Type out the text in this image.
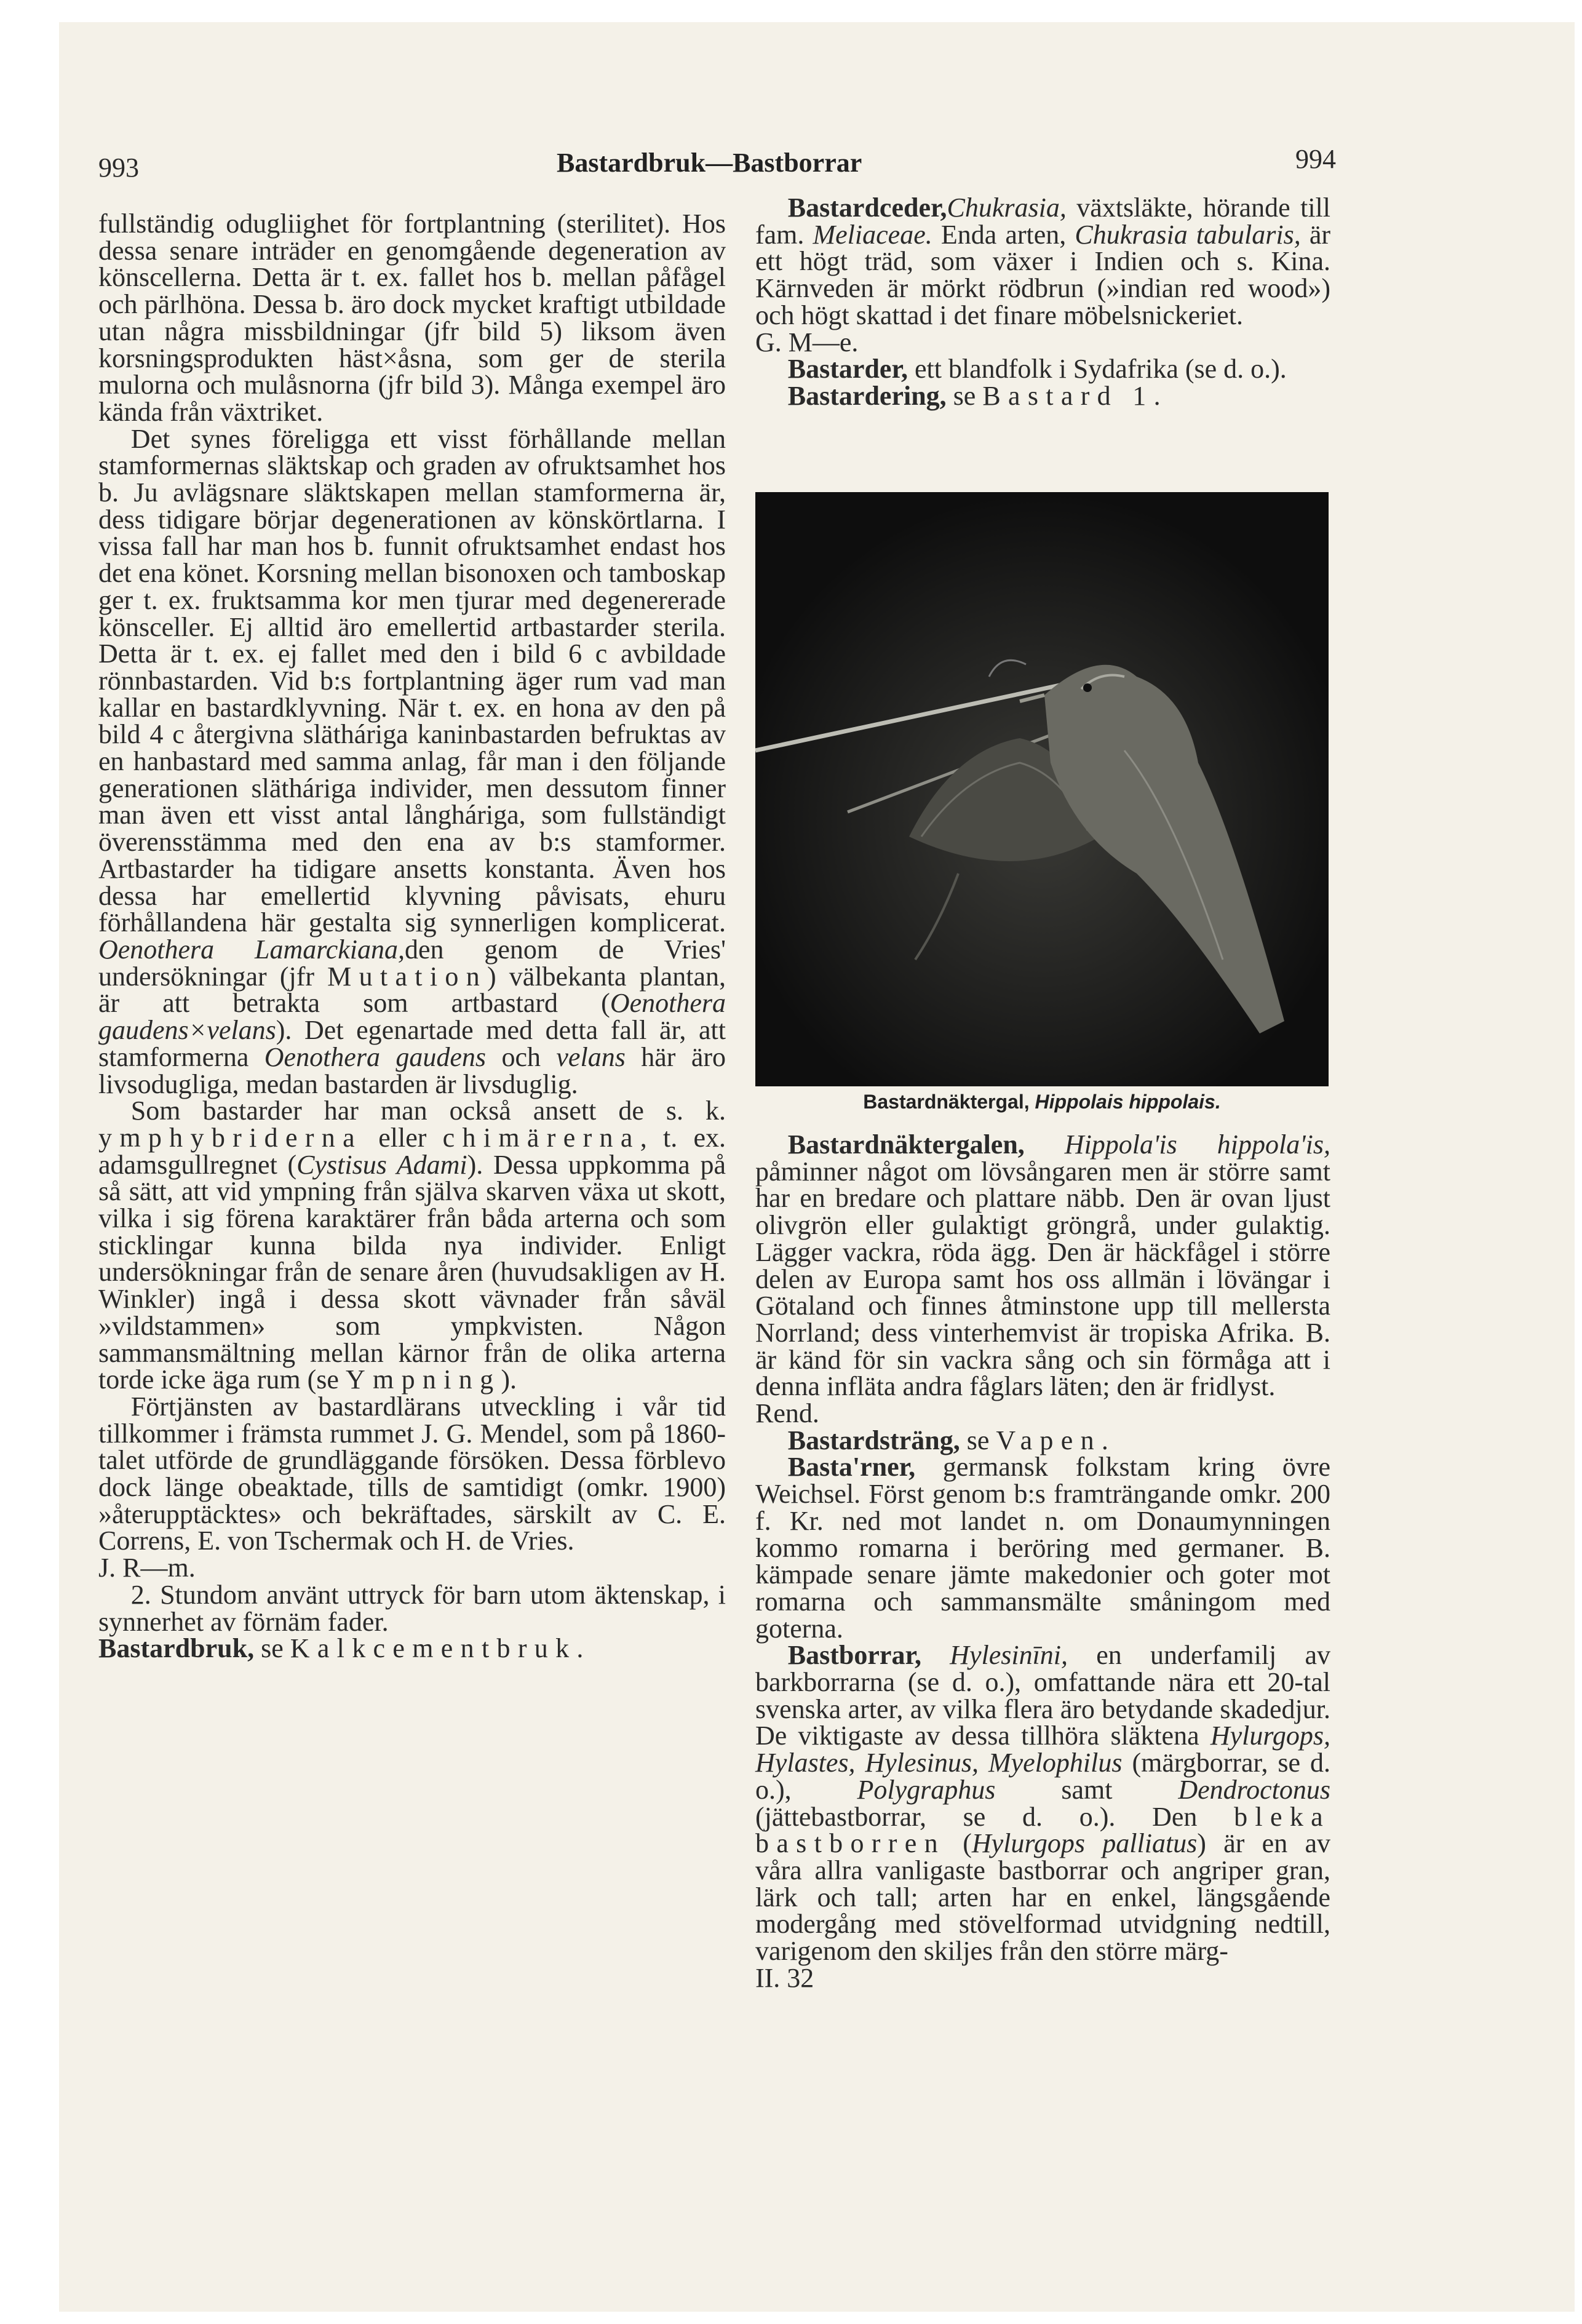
993	Bastardbruk—Bastborrar	994

fullständig odugliighet för fortplantning (sterilitet). Hos dessa senare inträder en genomgående degeneration av könscellerna. Detta är t. ex. fallet hos b. mellan påfågel och pärlhöna. Dessa b. äro dock mycket kraftigt utbildade utan några missbildningar (jfr bild 5) liksom även korsningsprodukten häst×åsna, som ger de sterila mulorna och mulåsnorna (jfr bild 3). Många exempel äro kända från växtriket.

Det synes föreligga ett visst förhållande mellan stamformernas släktskap och graden av ofruktsamhet hos b. Ju avlägsnare släktskapen mellan stamformerna är, dess tidigare börjar degenerationen av könskörtlarna. I vissa fall har man hos b. funnit ofruktsamhet endast hos det ena könet. Korsning mellan bisonoxen och tamboskap ger t. ex. fruktsamma kor men tjurar med degenererade könsceller. Ej alltid äro emellertid artbastarder sterila. Detta är t. ex. ej fallet med den i bild 6 c avbildade rönnbastarden. Vid b:s fortplantning äger rum vad man kallar en bastardklyvning. När t. ex. en hona av den på bild 4 c återgivna slätháriga kaninbastarden befruktas av en hanbastard med samma anlag, får man i den följande generationen slätháriga individer, men dessutom finner man även ett visst antal långháriga, som fullständigt överensstämma med den ena av b:s stamformer. Artbastarder ha tidigare ansetts konstanta. Även hos dessa har emellertid klyvning påvisats, ehuru förhållandena här gestalta sig synnerligen komplicerat. Oenothera Lamarckiana,den genom de Vries' undersökningar (jfr Mutation) välbekanta plantan, är att betrakta som artbastard (Oenothera gaudens×velans). Det egenartade med detta fall är, att stamformerna Oenothera gaudens och velans här äro livsodugliga, medan bastarden är livsduglig.

Som bastarder har man också ansett de s. k. ymphybriderna eller chimärerna, t. ex. adamsgullregnet (Cystisus Adami). Dessa uppkomma på så sätt, att vid ympning från själva skarven växa ut skott, vilka i sig förena karaktärer från båda arterna och som sticklingar kunna bilda nya individer. Enligt undersökningar från de senare åren (huvudsakligen av H. Winkler) ingå i dessa skott vävnader från såväl »vildstammen» som ympkvisten. Någon sammansmältning mellan kärnor från de olika arterna torde icke äga rum (se Ympning).

Förtjänsten av bastardlärans utveckling i vår tid tillkommer i främsta rummet J. G. Mendel, som på 1860-talet utförde de grundläggande försöken. Dessa förblevo dock länge obeaktade, tills de samtidigt (omkr. 1900) »återupptäcktes» och bekräftades, särskilt av C. E. Correns, E. von Tschermak och H. de Vries.

J. R—m.

2. Stundom använt uttryck för barn utom äktenskap, i synnerhet av förnäm fader.

Bastardbruk, se Kalkcementbruk.

Bastardceder,Chukrasia, växtsläkte, hörande till fam. Meliaceae. Enda arten, Chukrasia tabularis, är ett högt träd, som växer i Indien och s. Kina. Kärnveden är mörkt rödbrun (»indian red wood») och högt skattad i det finare möbelsnickeriet.

G. M—e.

Bastarder, ett blandfolk i Sydafrika (se d. o.).

Bastardering, se Bastard 1.

Bastardnäktergal, Hippolais hippolais.

Bastardnäktergalen, Hippola'is hippola'is, påminner något om lövsångaren men är större samt har en bredare och plattare näbb. Den är ovan ljust olivgrön eller gulaktigt gröngrå, under gulaktig. Lägger vackra, röda ägg. Den är häckfågel i större delen av Europa samt hos oss allmän i lövängar i Götaland och finnes åtminstone upp till mellersta Norrland; dess vinterhemvist är tropiska Afrika. B. är känd för sin vackra sång och sin förmåga att i denna infläta andra fåglars läten; den är fridlyst.

Rend.

Bastardsträng, se Vapen.

Basta'rner, germansk folkstam kring övre Weichsel. Först genom b:s framträngande omkr. 200 f. Kr. ned mot landet n. om Donaumynningen kommo romarna i beröring med germaner. B. kämpade senare jämte makedonier och goter mot romarna och sammansmälte småningom med goterna.

Bastborrar, Hylesinīni, en underfamilj av barkborrarna (se d. o.), omfattande nära ett 20-tal svenska arter, av vilka flera äro betydande skadedjur. De viktigaste av dessa tillhöra släktena Hylurgops, Hylastes, Hylesinus, Myelophilus (märgborrar, se d. o.), Polygraphus samt Dendroctonus (jättebastborrar, se d. o.). Den bleka bastborren (Hylurgops palliatus) är en av våra allra vanligaste bastborrar och angriper gran, lärk och tall; arten har en enkel, längsgående modergång med stövelformad utvidgning nedtill, varigenom den skiljes från den större märg-

II. 32
